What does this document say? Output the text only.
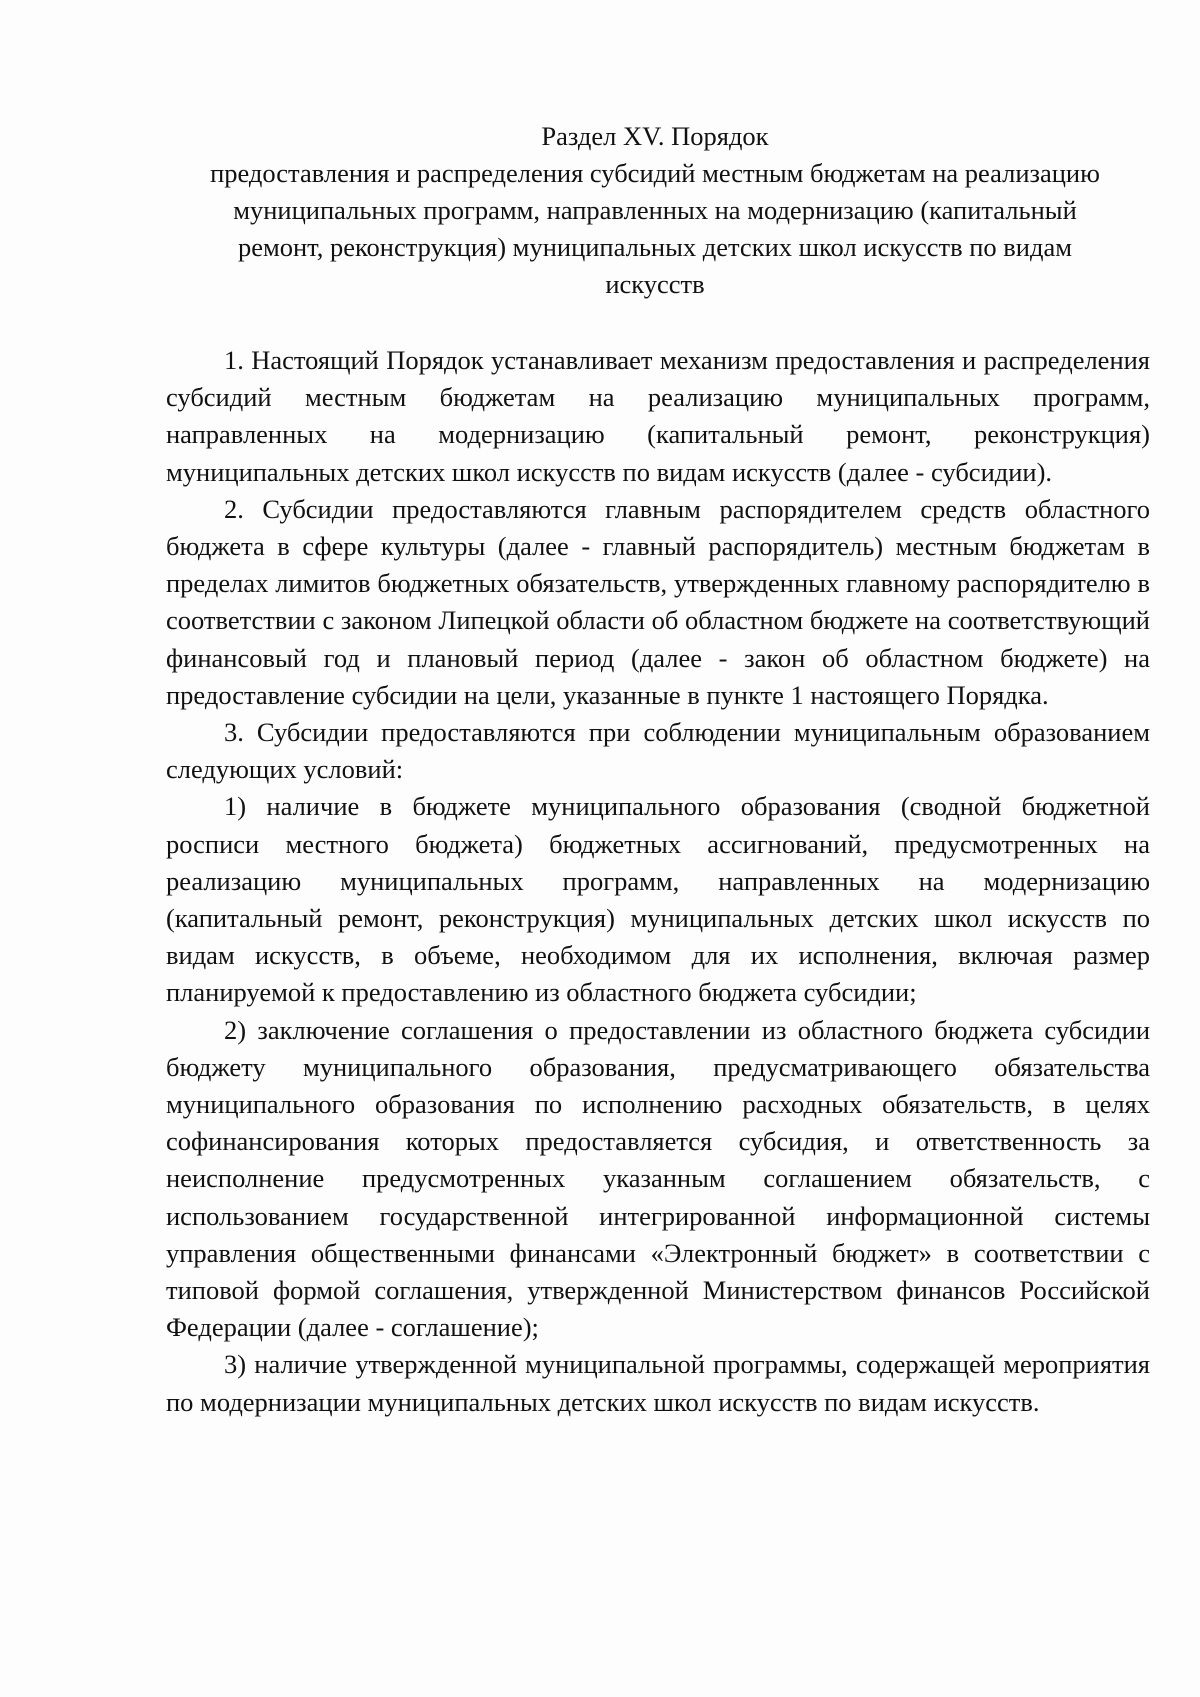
Раздел XV. Порядок
предоставления и распределения субсидий местным бюджетам на реализацию
муниципальных программ, направленных на модернизацию (капитальный
ремонт, реконструкция) муниципальных детских школ искусств по видам
искусств

1. Настоящий Порядок устанавливает механизм предоставления и распределения субсидий местным бюджетам на реализацию муниципальных программ, направленных на модернизацию (капитальный ремонт, реконструкция) муниципальных детских школ искусств по видам искусств (далее - субсидии).

2. Субсидии предоставляются главным распорядителем средств областного бюджета в сфере культуры (далее - главный распорядитель) местным бюджетам в пределах лимитов бюджетных обязательств, утвержденных главному распорядителю в соответствии с законом Липецкой области об областном бюджете на соответствующий финансовый год и плановый период (далее - закон об областном бюджете) на предоставление субсидии на цели, указанные в пункте 1 настоящего Порядка.

3. Субсидии предоставляются при соблюдении муниципальным образованием следующих условий:

1) наличие в бюджете муниципального образования (сводной бюджетной росписи местного бюджета) бюджетных ассигнований, предусмотренных на реализацию муниципальных программ, направленных на модернизацию (капитальный ремонт, реконструкция) муниципальных детских школ искусств по видам искусств, в объеме, необходимом для их исполнения, включая размер планируемой к предоставлению из областного бюджета субсидии;

2) заключение соглашения о предоставлении из областного бюджета субсидии бюджету муниципального образования, предусматривающего обязательства муниципального образования по исполнению расходных обязательств, в целях софинансирования которых предоставляется субсидия, и ответственность за неисполнение предусмотренных указанным соглашением обязательств, с использованием государственной интегрированной информационной системы управления общественными финансами «Электронный бюджет» в соответствии с типовой формой соглашения, утвержденной Министерством финансов Российской Федерации (далее - соглашение);

3) наличие утвержденной муниципальной программы, содержащей мероприятия по модернизации муниципальных детских школ искусств по видам искусств.
